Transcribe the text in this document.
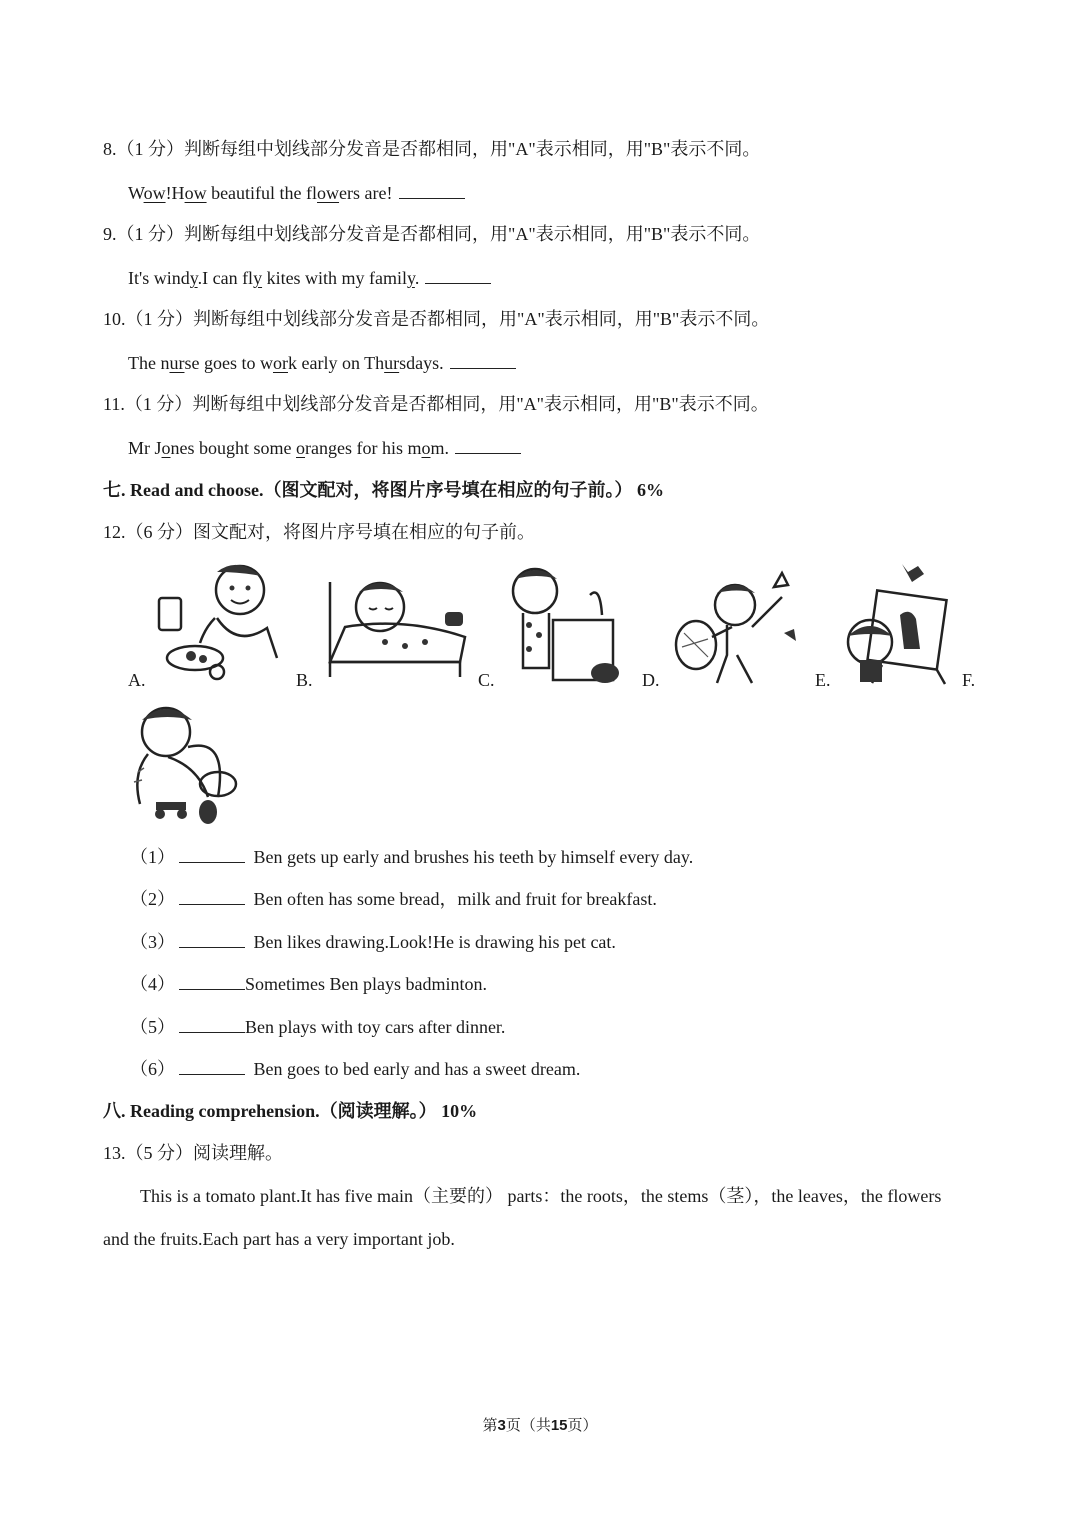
8.（1 分）判断每组中划线部分发音是否都相同，用"A"表示相同，用"B"表示不同。
Wow!How beautiful the flowers are!
9.（1 分）判断每组中划线部分发音是否都相同，用"A"表示相同，用"B"表示不同。
It's windy.I can fly kites with my family.
10.（1 分）判断每组中划线部分发音是否都相同，用"A"表示相同，用"B"表示不同。
The nurse goes to work early on Thursdays.
11.（1 分）判断每组中划线部分发音是否都相同，用"A"表示相同，用"B"表示不同。
Mr Jones bought some oranges for his mom.
七. Read and choose.（图文配对，将图片序号填在相应的句子前。） 6%
12.（6 分）图文配对，将图片序号填在相应的句子前。
A.	B.	C.	D.	E.	F.
（1）	Ben gets up early and brushes his teeth by himself every day.
（2）	Ben often has some bread，milk and fruit for breakfast.
（3）	Ben likes drawing.Look!He is drawing his pet cat.
（4）	Sometimes Ben plays badminton.
（5）	Ben plays with toy cars after dinner.
（6）	Ben goes to bed early and has a sweet dream.
八. Reading comprehension.（阅读理解。） 10%
13.（5 分）阅读理解。
This is a tomato plant.It has five main（主要的） parts：the roots，the stems（茎），the leaves，the flowers
and the fruits.Each part has a very important job.
第3页（共15页）
